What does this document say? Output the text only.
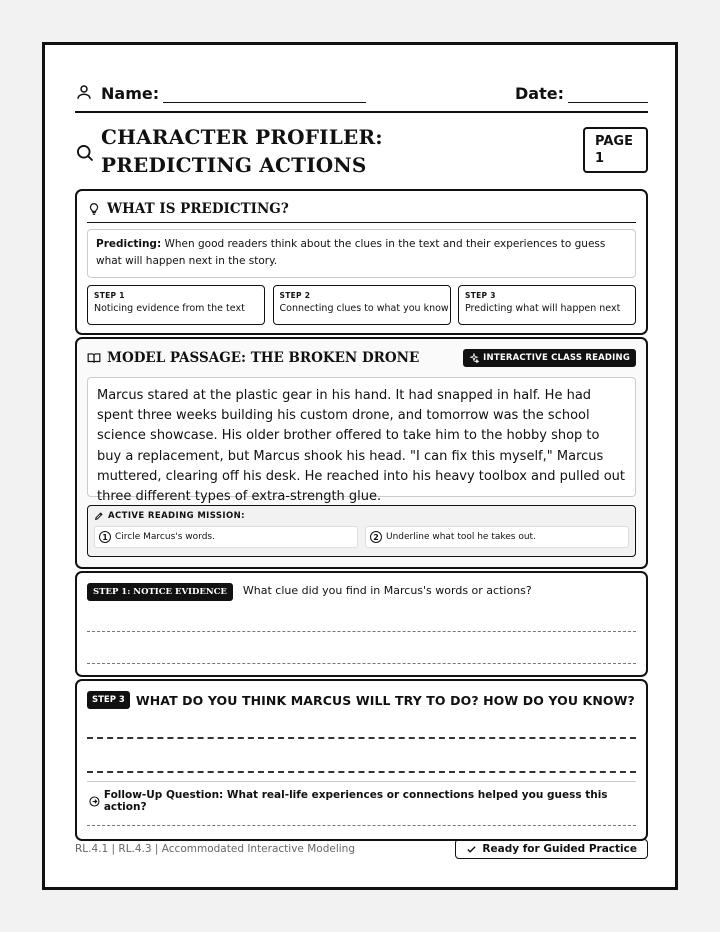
Name:	Date:
CHARACTER PROFILER: PREDICTING ACTIONS
PAGE
1
WHAT IS PREDICTING?
Predicting: When good readers think about the clues in the text and their experiences to guess what will happen next in the story.
STEP 1
Noticing evidence from the text
STEP 2
Connecting clues to what you know
STEP 3
Predicting what will happen next
MODEL PASSAGE: THE BROKEN DRONE	INTERACTIVE CLASS READING
Marcus stared at the plastic gear in his hand. It had snapped in half. He had spent three weeks building his custom drone, and tomorrow was the school science showcase. His older brother offered to take him to the hobby shop to buy a replacement, but Marcus shook his head. "I can fix this myself," Marcus muttered, clearing off his desk. He reached into his heavy toolbox and pulled out three different types of extra-strength glue.
ACTIVE READING MISSION:
1 Circle Marcus's words.	2 Underline what tool he takes out.
STEP 1: NOTICE EVIDENCE	What clue did you find in Marcus's words or actions?
STEP 3 WHAT DO YOU THINK MARCUS WILL TRY TO DO? HOW DO YOU KNOW?
Follow-Up Question: What real-life experiences or connections helped you guess this action?
RL.4.1 | RL.4.3 | Accommodated Interactive Modeling	Ready for Guided Practice
